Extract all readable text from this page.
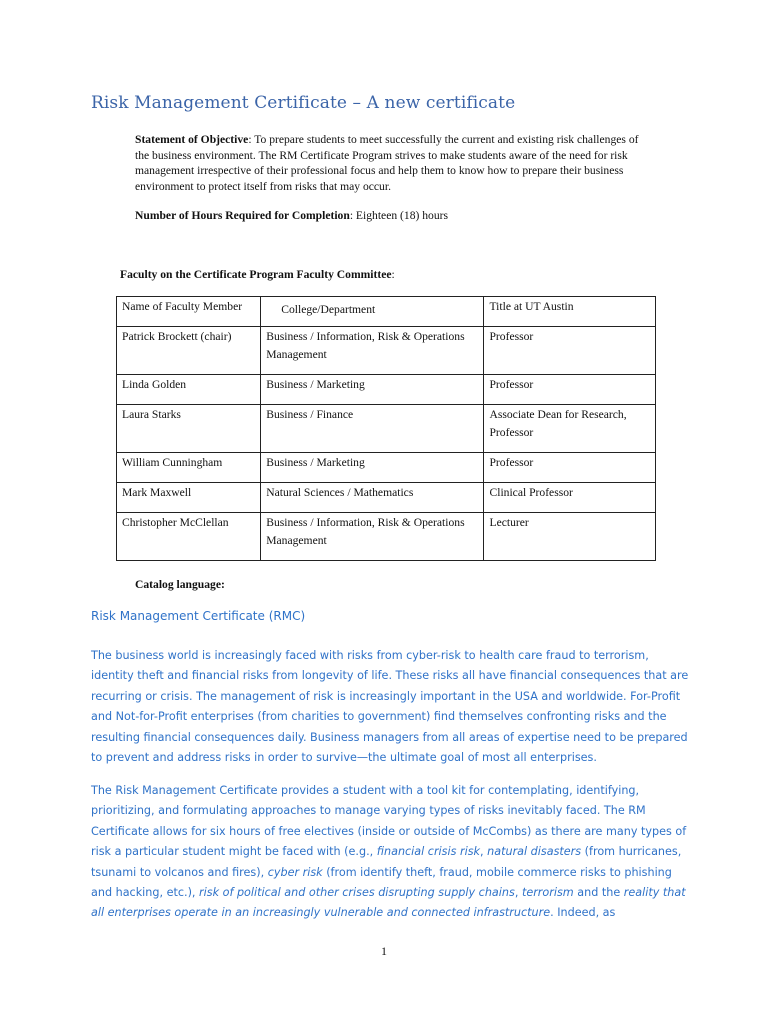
Risk Management Certificate – A new certificate

Statement of Objective: To prepare students to meet successfully the current and existing risk challenges of the business environment. The RM Certificate Program strives to make students aware of the need for risk management irrespective of their professional focus and help them to know how to prepare their business environment to protect itself from risks that may occur.

Number of Hours Required for Completion: Eighteen (18) hours

Faculty on the Certificate Program Faculty Committee:

Name of Faculty Member	College/Department	Title at UT Austin
Patrick Brockett (chair)	Business / Information, Risk & Operations Management	Professor
Linda Golden	Business / Marketing	Professor
Laura Starks	Business / Finance	Associate Dean for Research, Professor
William Cunningham	Business / Marketing	Professor
Mark Maxwell	Natural Sciences / Mathematics	Clinical Professor
Christopher McClellan	Business / Information, Risk & Operations Management	Lecturer

Catalog language:

Risk Management Certificate (RMC)

The business world is increasingly faced with risks from cyber-risk to health care fraud to terrorism, identity theft and financial risks from longevity of life. These risks all have financial consequences that are recurring or crisis. The management of risk is increasingly important in the USA and worldwide. For-Profit and Not-for-Profit enterprises (from charities to government) find themselves confronting risks and the resulting financial consequences daily. Business managers from all areas of expertise need to be prepared to prevent and address risks in order to survive—the ultimate goal of most all enterprises.

The Risk Management Certificate provides a student with a tool kit for contemplating, identifying, prioritizing, and formulating approaches to manage varying types of risks inevitably faced. The RM Certificate allows for six hours of free electives (inside or outside of McCombs) as there are many types of risk a particular student might be faced with (e.g., financial crisis risk, natural disasters (from hurricanes, tsunami to volcanos and fires), cyber risk (from identify theft, fraud, mobile commerce risks to phishing and hacking, etc.), risk of political and other crises disrupting supply chains, terrorism and the reality that all enterprises operate in an increasingly vulnerable and connected infrastructure. Indeed, as

1
